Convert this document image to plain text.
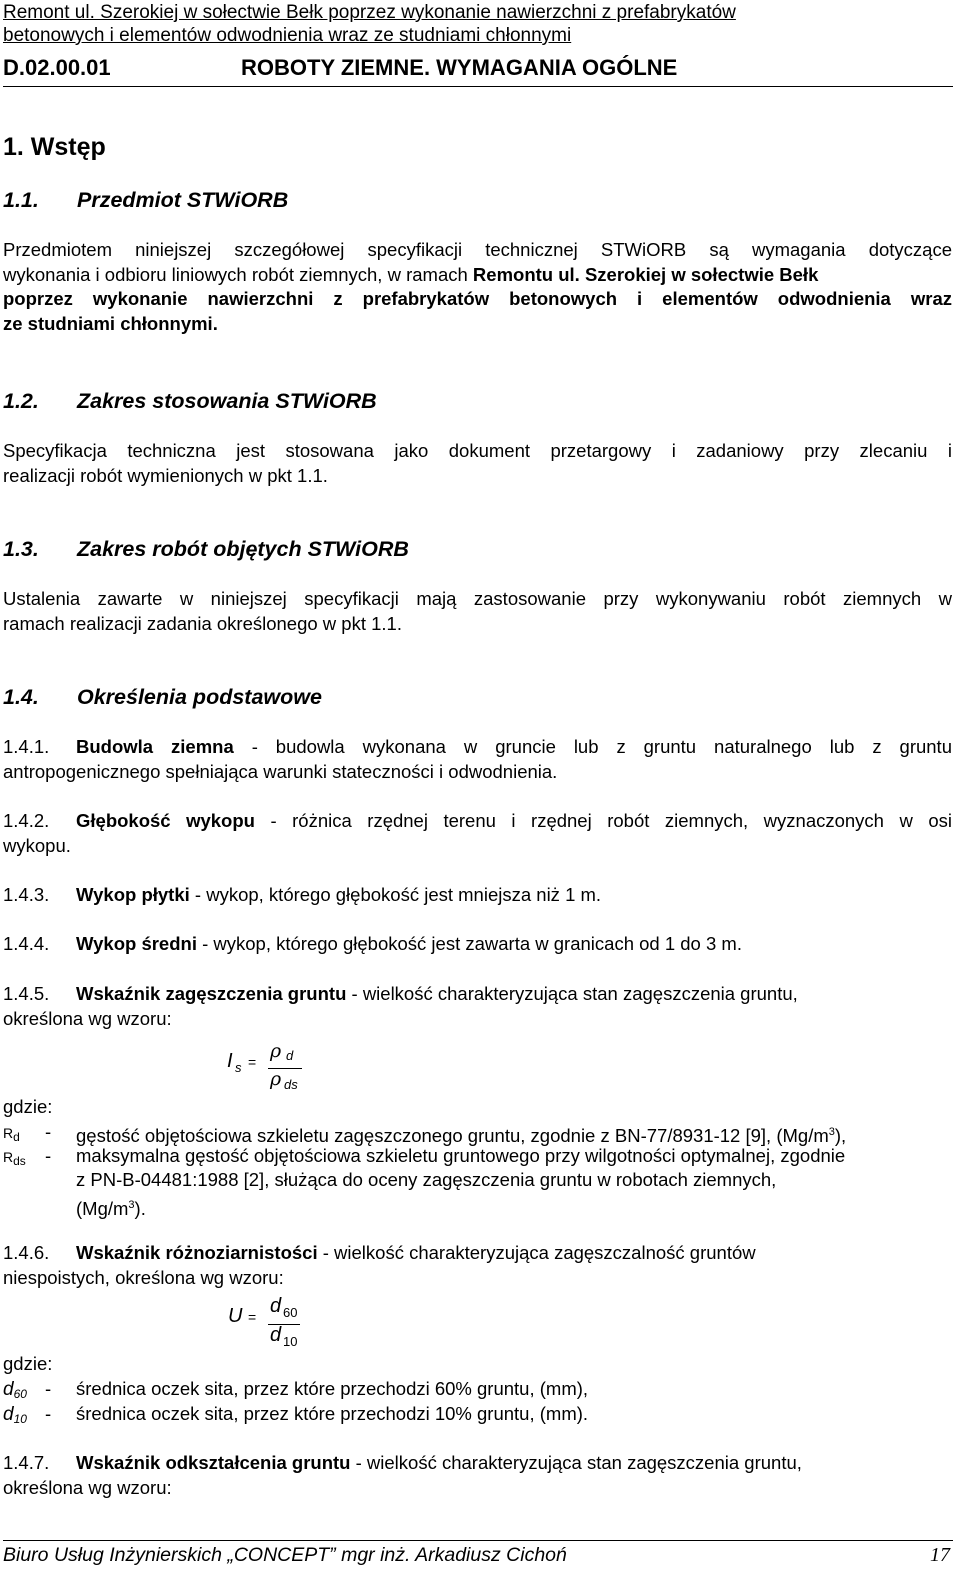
Remont ul. Szerokiej w sołectwie Bełk poprzez wykonanie nawierzchni z prefabrykatów
betonowych i elementów odwodnienia wraz ze studniami chłonnymi
D.02.00.01	ROBOTY ZIEMNE. WYMAGANIA OGÓLNE
1. Wstęp
1.1. Przedmiot STWiORB
Przedmiotem niniejszej szczegółowej specyfikacji technicznej STWiORB są wymagania dotyczące
wykonania i odbioru liniowych robót ziemnych, w ramach Remontu ul. Szerokiej w sołectwie Bełk
poprzez wykonanie nawierzchni z prefabrykatów betonowych i elementów odwodnienia wraz
ze studniami chłonnymi.
1.2. Zakres stosowania STWiORB
Specyfikacja techniczna jest stosowana jako dokument przetargowy i zadaniowy przy zlecaniu i
realizacji robót wymienionych w pkt 1.1.
1.3. Zakres robót objętych STWiORB
Ustalenia zawarte w niniejszej specyfikacji mają zastosowanie przy wykonywaniu robót ziemnych w
ramach realizacji zadania określonego w pkt 1.1.
1.4. Określenia podstawowe
1.4.1. Budowla ziemna - budowla wykonana w gruncie lub z gruntu naturalnego lub z gruntu
antropogenicznego spełniająca warunki stateczności i odwodnienia.
1.4.2. Głębokość wykopu - różnica rzędnej terenu i rzędnej robót ziemnych, wyznaczonych w osi
wykopu.
1.4.3. Wykop płytki - wykop, którego głębokość jest mniejsza niż 1 m.
1.4.4. Wykop średni - wykop, którego głębokość jest zawarta w granicach od 1 do 3 m.
1.4.5. Wskaźnik zagęszczenia gruntu - wielkość charakteryzująca stan zagęszczenia gruntu,
określona wg wzoru:
I s = ρ d
ρ ds
gdzie:
Rd - gęstość objętościowa szkieletu zagęszczonego gruntu, zgodnie z BN-77/8931-12 [9], $(Mg/m^3)$,
Rds - maksymalna gęstość objętościowa szkieletu gruntowego przy wilgotności optymalnej, zgodnie
z PN-B-04481:1988 [2], służąca do oceny zagęszczenia gruntu w robotach ziemnych,
$(Mg/m^3)$.
1.4.6. Wskaźnik różnoziarnistości - wielkość charakteryzująca zagęszczalność gruntów
niespoistych, określona wg wzoru:
U = d 60
d 10
gdzie:
d60 - średnica oczek sita, przez które przechodzi 60% gruntu, (mm),
d10 - średnica oczek sita, przez które przechodzi 10% gruntu, (mm).
1.4.7. Wskaźnik odkształcenia gruntu - wielkość charakteryzująca stan zagęszczenia gruntu,
określona wg wzoru:
Biuro Usług Inżynierskich „CONCEPT” mgr inż. Arkadiusz Cichoń	17
